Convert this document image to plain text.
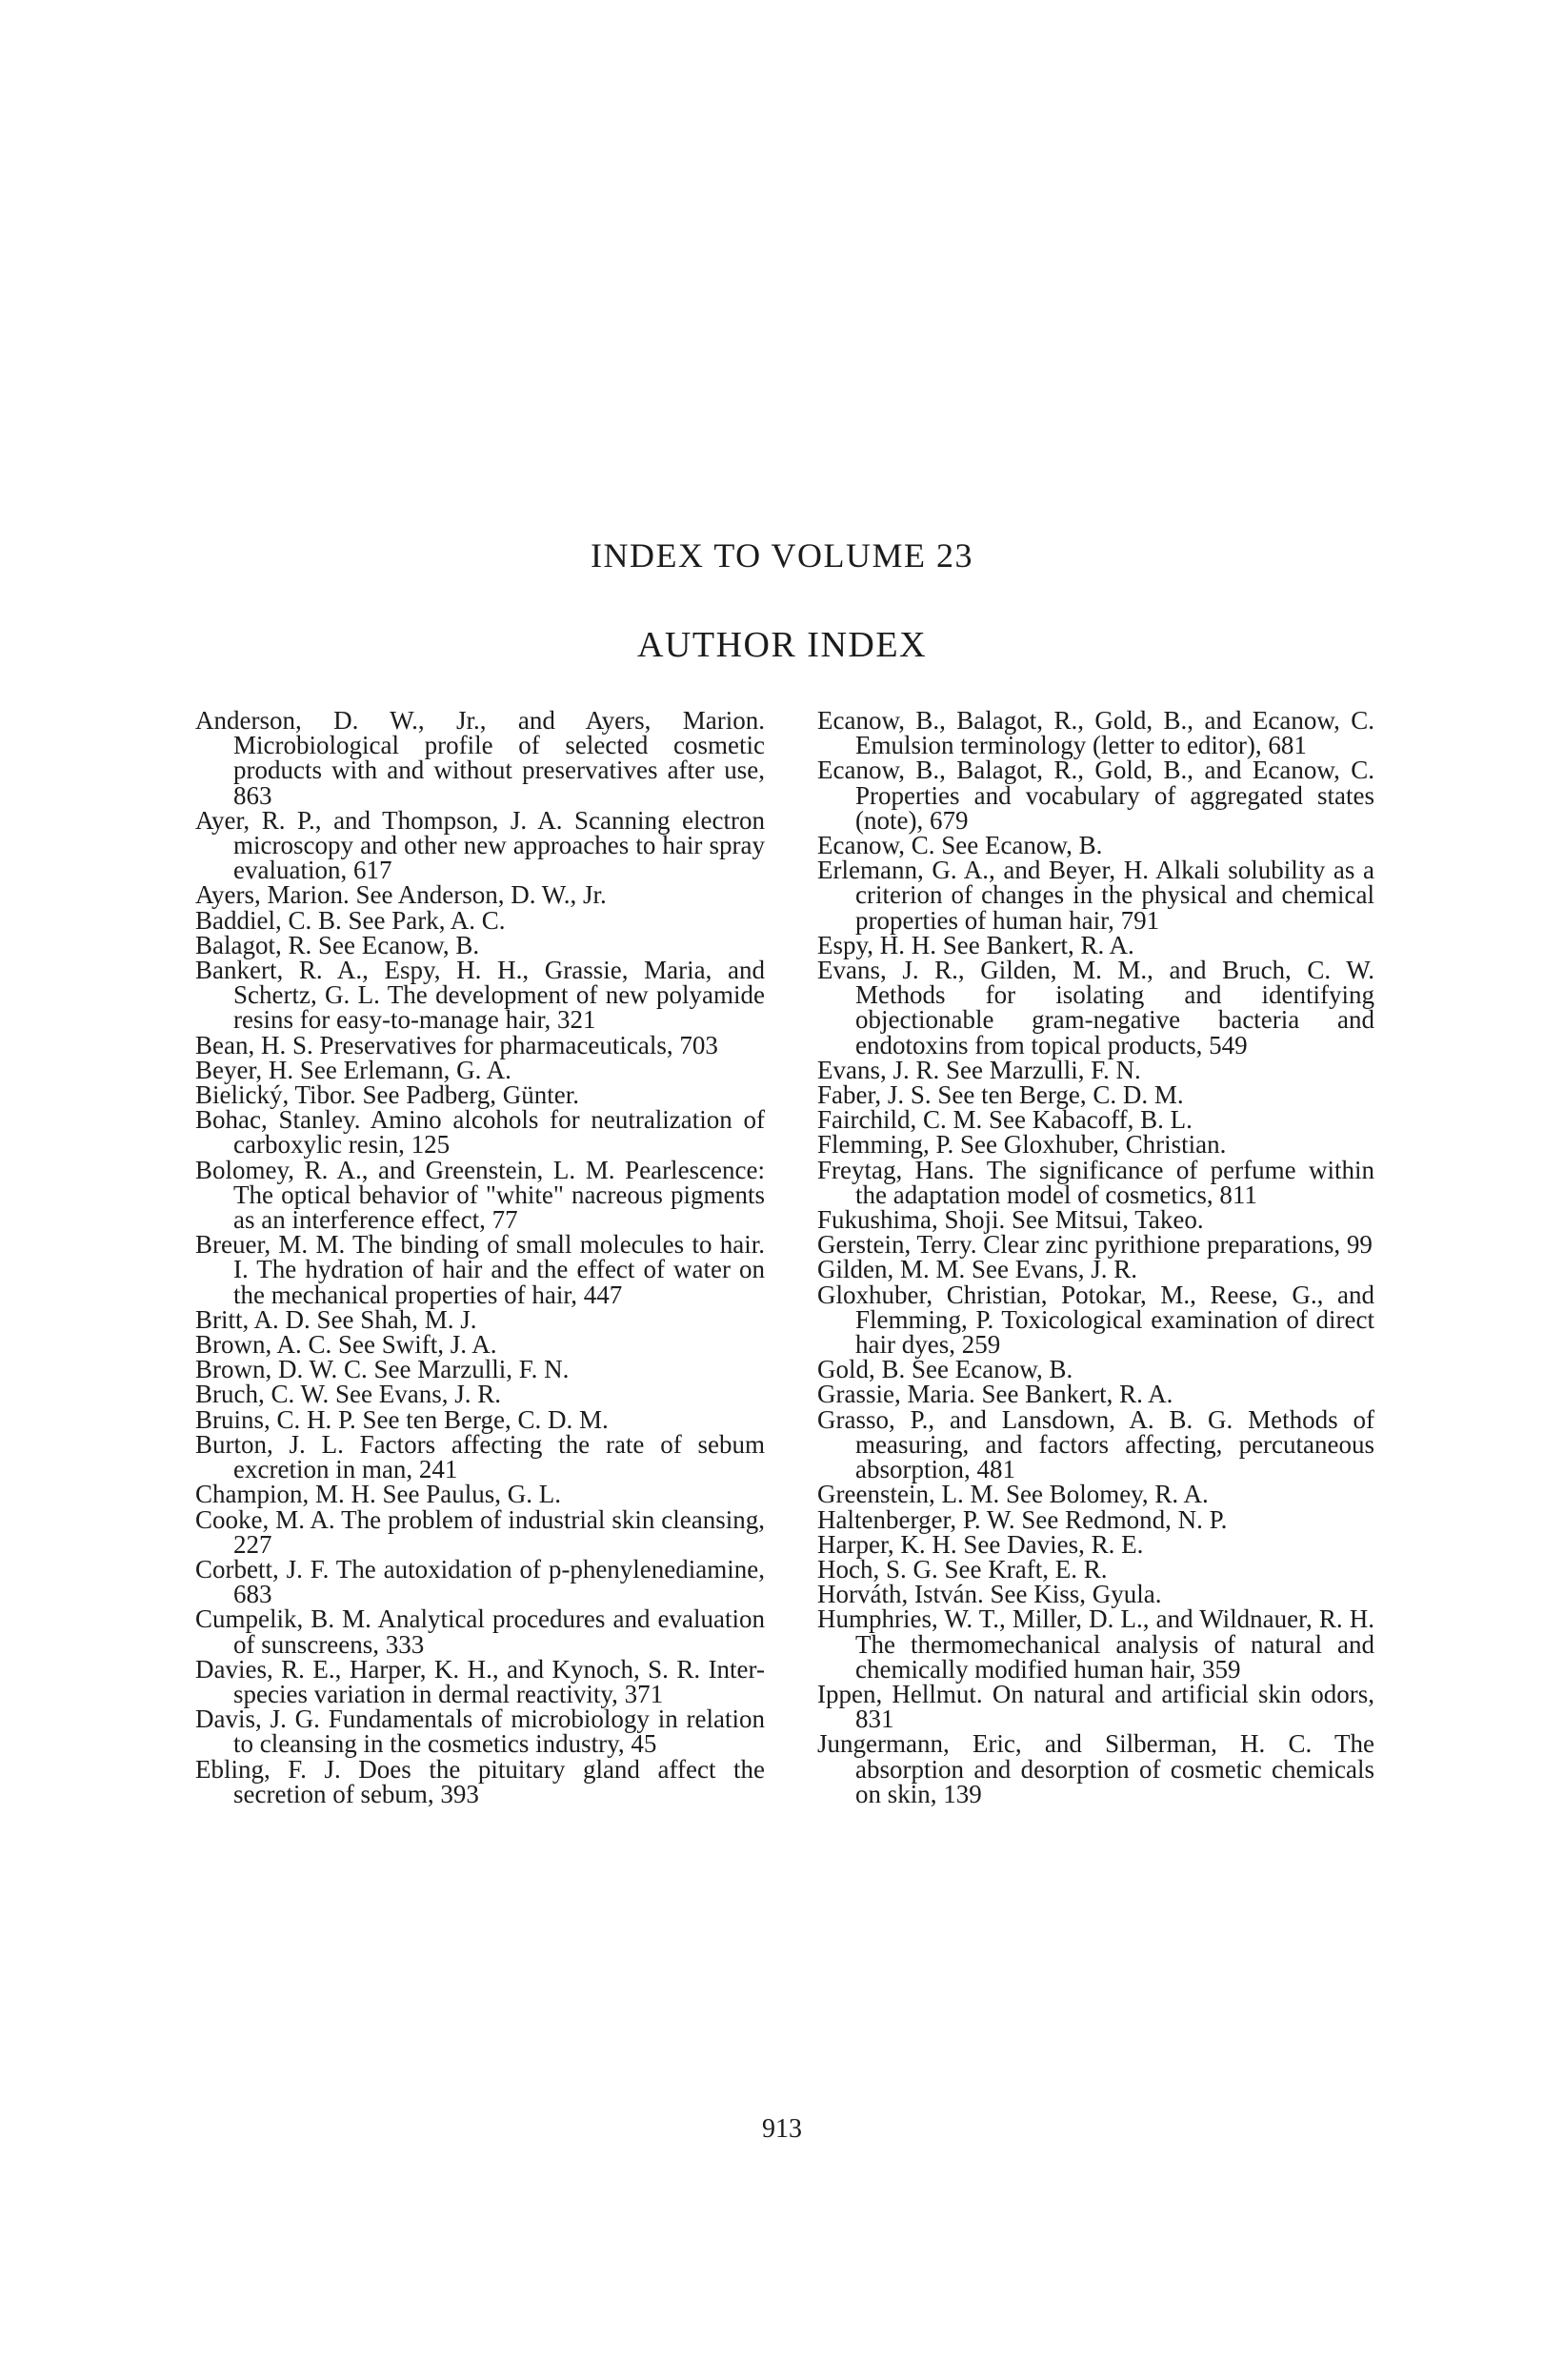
INDEX TO VOLUME 23
AUTHOR INDEX

Anderson, D. W., Jr., and Ayers, Marion. Microbiological profile of selected cosmetic products with and without preservatives after use, 863

Ayer, R. P., and Thompson, J. A. Scanning electron microscopy and other new approaches to hair spray evaluation, 617

Ayers, Marion. See Anderson, D. W., Jr.

Baddiel, C. B. See Park, A. C.

Balagot, R. See Ecanow, B.

Bankert, R. A., Espy, H. H., Grassie, Maria, and Schertz, G. L. The development of new polyamide resins for easy-to-manage hair, 321

Bean, H. S. Preservatives for pharmaceuticals, 703

Beyer, H. See Erlemann, G. A.

Bielický, Tibor. See Padberg, Günter.

Bohac, Stanley. Amino alcohols for neutralization of carboxylic resin, 125

Bolomey, R. A., and Greenstein, L. M. Pearlescence: The optical behavior of "white" nacreous pigments as an interference effect, 77

Breuer, M. M. The binding of small molecules to hair. I. The hydration of hair and the effect of water on the mechanical properties of hair, 447

Britt, A. D. See Shah, M. J.

Brown, A. C. See Swift, J. A.

Brown, D. W. C. See Marzulli, F. N.

Bruch, C. W. See Evans, J. R.

Bruins, C. H. P. See ten Berge, C. D. M.

Burton, J. L. Factors affecting the rate of sebum excretion in man, 241

Champion, M. H. See Paulus, G. L.

Cooke, M. A. The problem of industrial skin cleansing, 227

Corbett, J. F. The autoxidation of p-phenylenediamine, 683

Cumpelik, B. M. Analytical procedures and evaluation of sunscreens, 333

Davies, R. E., Harper, K. H., and Kynoch, S. R. Inter-species variation in dermal reactivity, 371

Davis, J. G. Fundamentals of microbiology in relation to cleansing in the cosmetics industry, 45

Ebling, F. J. Does the pituitary gland affect the secretion of sebum, 393

Ecanow, B., Balagot, R., Gold, B., and Ecanow, C. Emulsion terminology (letter to editor), 681

Ecanow, B., Balagot, R., Gold, B., and Ecanow, C. Properties and vocabulary of aggregated states (note), 679

Ecanow, C. See Ecanow, B.

Erlemann, G. A., and Beyer, H. Alkali solubility as a criterion of changes in the physical and chemical properties of human hair, 791

Espy, H. H. See Bankert, R. A.

Evans, J. R., Gilden, M. M., and Bruch, C. W. Methods for isolating and identifying objectionable gram-negative bacteria and endotoxins from topical products, 549

Evans, J. R. See Marzulli, F. N.

Faber, J. S. See ten Berge, C. D. M.

Fairchild, C. M. See Kabacoff, B. L.

Flemming, P. See Gloxhuber, Christian.

Freytag, Hans. The significance of perfume within the adaptation model of cosmetics, 811

Fukushima, Shoji. See Mitsui, Takeo.

Gerstein, Terry. Clear zinc pyrithione preparations, 99

Gilden, M. M. See Evans, J. R.

Gloxhuber, Christian, Potokar, M., Reese, G., and Flemming, P. Toxicological examination of direct hair dyes, 259

Gold, B. See Ecanow, B.

Grassie, Maria. See Bankert, R. A.

Grasso, P., and Lansdown, A. B. G. Methods of measuring, and factors affecting, percutaneous absorption, 481

Greenstein, L. M. See Bolomey, R. A.

Haltenberger, P. W. See Redmond, N. P.

Harper, K. H. See Davies, R. E.

Hoch, S. G. See Kraft, E. R.

Horváth, István. See Kiss, Gyula.

Humphries, W. T., Miller, D. L., and Wildnauer, R. H. The thermomechanical analysis of natural and chemically modified human hair, 359

Ippen, Hellmut. On natural and artificial skin odors, 831

Jungermann, Eric, and Silberman, H. C. The absorption and desorption of cosmetic chemicals on skin, 139

913
